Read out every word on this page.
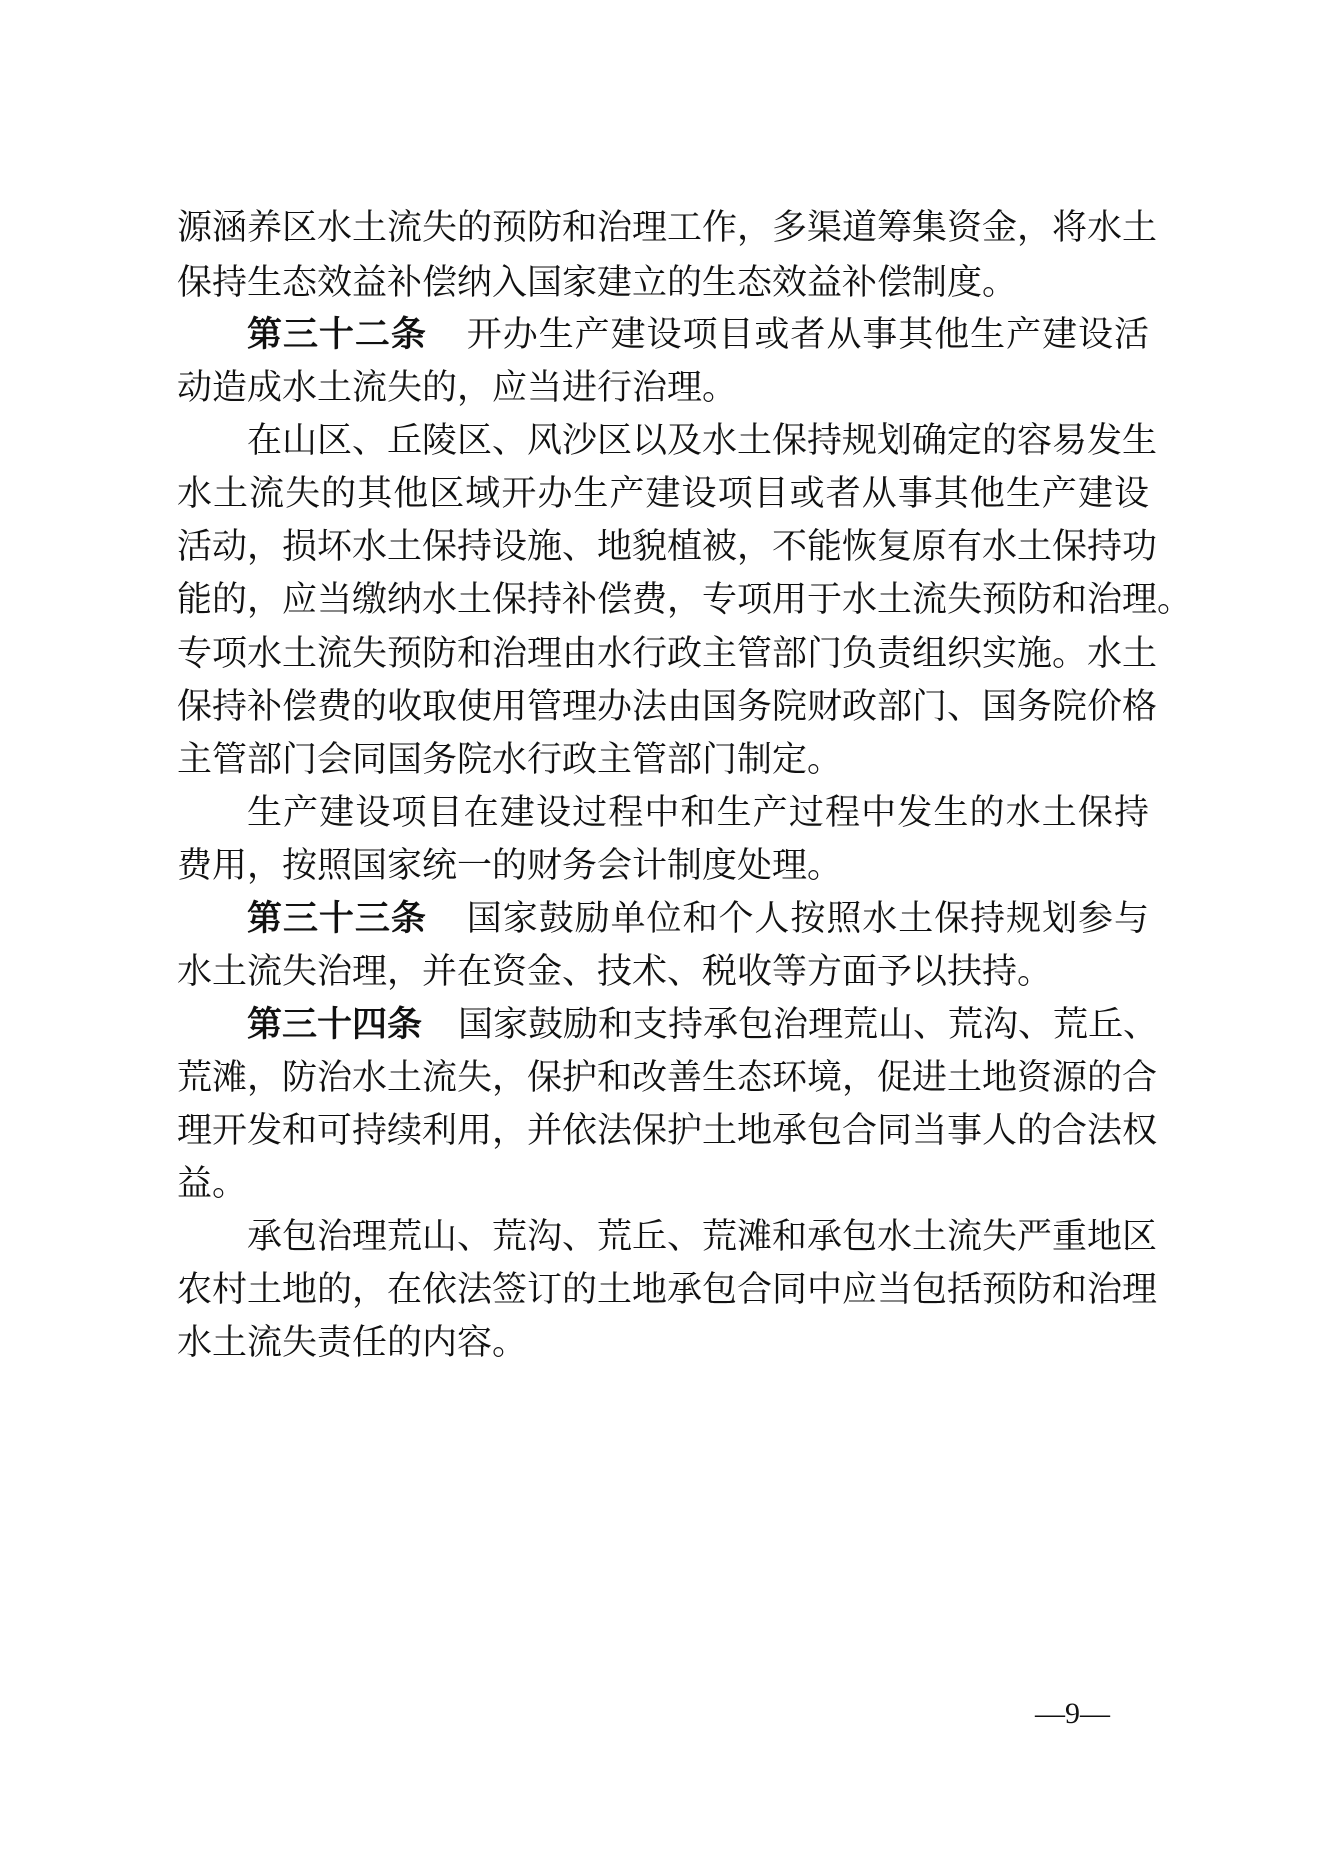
源涵养区水土流失的预防和治理工作，多渠道筹集资金，将水土
保持生态效益补偿纳入国家建立的生态效益补偿制度。
第三十二条 开办生产建设项目或者从事其他生产建设活
动造成水土流失的，应当进行治理。
在山区、丘陵区、风沙区以及水土保持规划确定的容易发生
水土流失的其他区域开办生产建设项目或者从事其他生产建设
活动，损坏水土保持设施、地貌植被，不能恢复原有水土保持功
能的，应当缴纳水土保持补偿费，专项用于水土流失预防和治理。
专项水土流失预防和治理由水行政主管部门负责组织实施。水土
保持补偿费的收取使用管理办法由国务院财政部门、国务院价格
主管部门会同国务院水行政主管部门制定。
生产建设项目在建设过程中和生产过程中发生的水土保持
费用，按照国家统一的财务会计制度处理。
第三十三条 国家鼓励单位和个人按照水土保持规划参与
水土流失治理，并在资金、技术、税收等方面予以扶持。
第三十四条 国家鼓励和支持承包治理荒山、荒沟、荒丘、
荒滩，防治水土流失，保护和改善生态环境，促进土地资源的合
理开发和可持续利用，并依法保护土地承包合同当事人的合法权
益。
承包治理荒山、荒沟、荒丘、荒滩和承包水土流失严重地区
农村土地的，在依法签订的土地承包合同中应当包括预防和治理
水土流失责任的内容。
—9—
